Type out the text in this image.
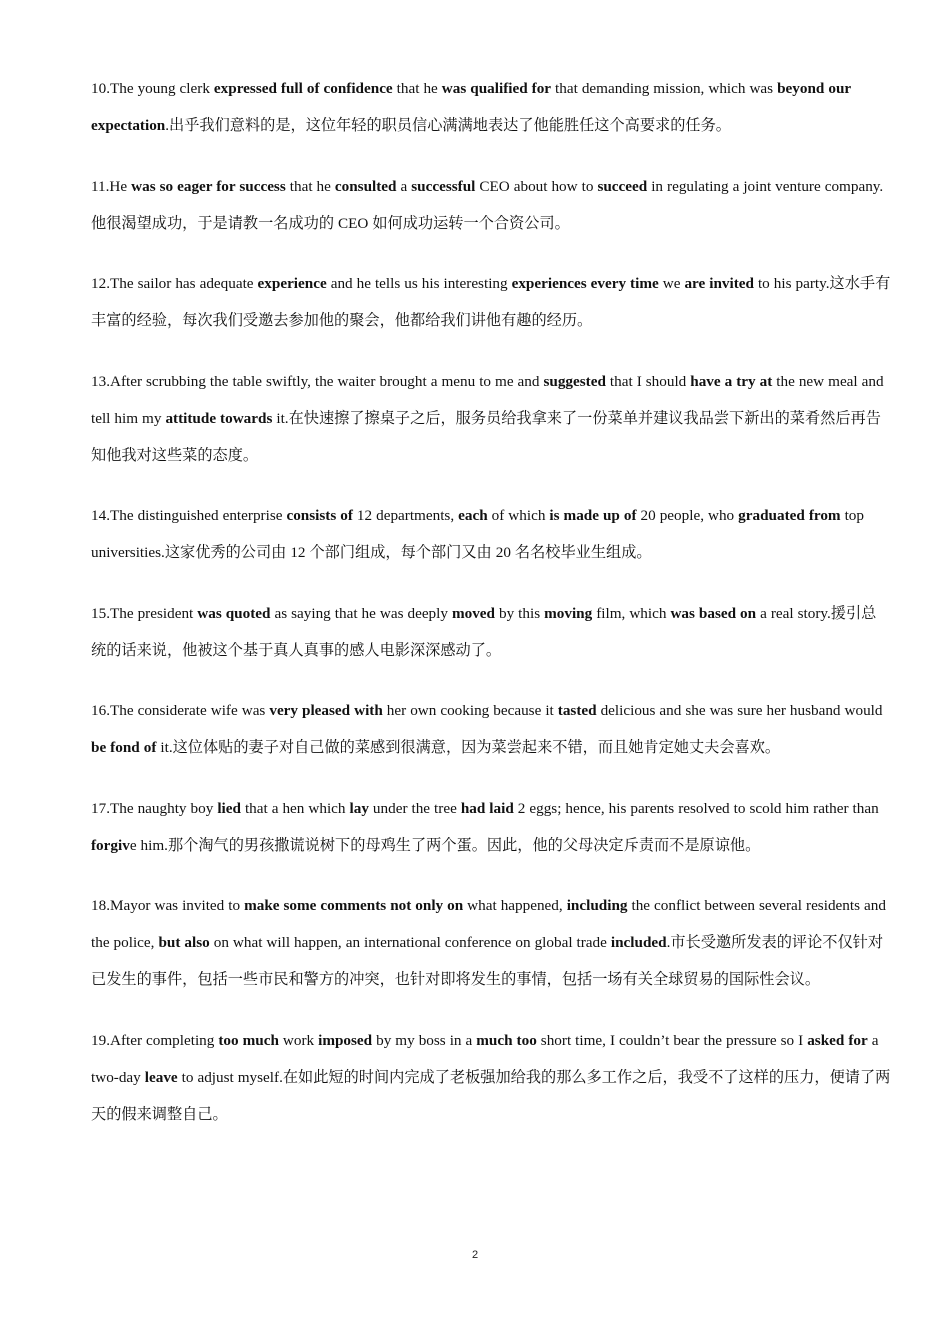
10.The young clerk expressed full of confidence that he was qualified for that demanding mission, which was beyond our expectation.出乎我们意料的是，这位年轻的职员信心满满地表达了他能胜任这个高要求的任务。

11.He was so eager for success that he consulted a successful CEO about how to succeed in regulating a joint venture company.他很渴望成功，于是请教一名成功的 CEO 如何成功运转一个合资公司。

12.The sailor has adequate experience and he tells us his interesting experiences every time we are invited to his party.这水手有丰富的经验，每次我们受邀去参加他的聚会，他都给我们讲他有趣的经历。

13.After scrubbing the table swiftly, the waiter brought a menu to me and suggested that I should have a try at the new meal and tell him my attitude towards it.在快速擦了擦桌子之后，服务员给我拿来了一份菜单并建议我品尝下新出的菜肴然后再告知他我对这些菜的态度。

14.The distinguished enterprise consists of 12 departments, each of which is made up of 20 people, who graduated from top universities.这家优秀的公司由 12 个部门组成，每个部门又由 20 名名校毕业生组成。

15.The president was quoted as saying that he was deeply moved by this moving film, which was based on a real story.援引总统的话来说，他被这个基于真人真事的感人电影深深感动了。

16.The considerate wife was very pleased with her own cooking because it tasted delicious and she was sure her husband would be fond of it.这位体贴的妻子对自己做的菜感到很满意，因为菜尝起来不错，而且她肯定她丈夫会喜欢。

17.The naughty boy lied that a hen which lay under the tree had laid 2 eggs; hence, his parents resolved to scold him rather than forgive him.那个淘气的男孩撒谎说树下的母鸡生了两个蛋。因此，他的父母决定斥责而不是原谅他。

18.Mayor was invited to make some comments not only on what happened, including the conflict between several residents and the police, but also on what will happen, an international conference on global trade included.市长受邀所发表的评论不仅针对已发生的事件，包括一些市民和警方的冲突，也针对即将发生的事情，包括一场有关全球贸易的国际性会议。

19.After completing too much work imposed by my boss in a much too short time, I couldn’t bear the pressure so I asked for a two-day leave to adjust myself.在如此短的时间内完成了老板强加给我的那么多工作之后，我受不了这样的压力，便请了两天的假来调整自己。

2
